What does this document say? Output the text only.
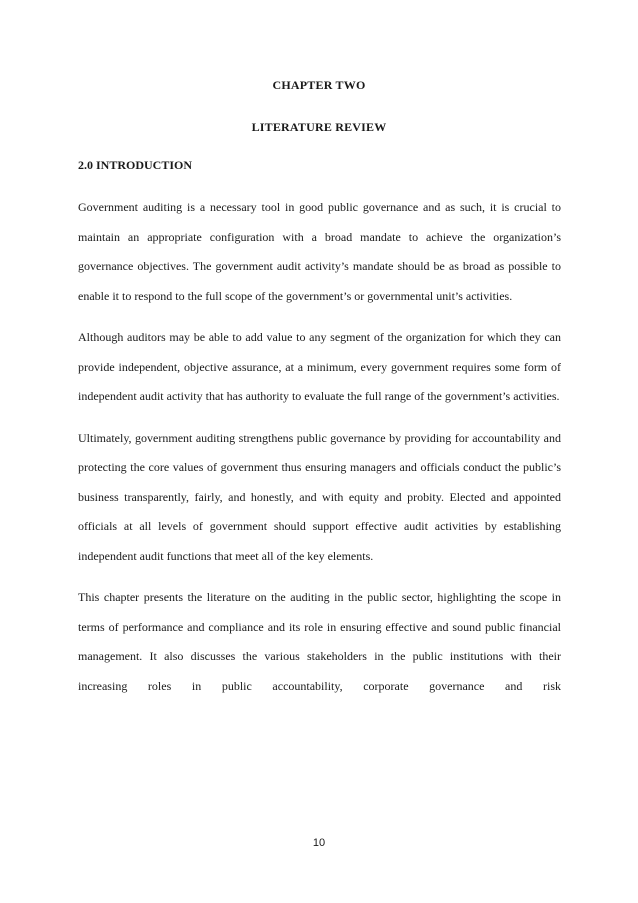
CHAPTER TWO
LITERATURE REVIEW
2.0 INTRODUCTION

Government auditing is a necessary tool in good public governance and as such, it is crucial to maintain an appropriate configuration with a broad mandate to achieve the organization’s governance objectives. The government audit activity’s mandate should be as broad as possible to enable it to respond to the full scope of the government’s or governmental unit’s activities.

Although auditors may be able to add value to any segment of the organization for which they can provide independent, objective assurance, at a minimum, every government requires some form of independent audit activity that has authority to evaluate the full range of the government’s activities.

Ultimately, government auditing strengthens public governance by providing for accountability and protecting the core values of government thus ensuring managers and officials conduct the public’s business transparently, fairly, and honestly, and with equity and probity. Elected and appointed officials at all levels of government should support effective audit activities by establishing independent audit functions that meet all of the key elements.

This chapter presents the literature on the auditing in the public sector, highlighting the scope in terms of performance and compliance and its role in ensuring effective and sound public financial management. It also discusses the various stakeholders in the public institutions with their increasing roles in public accountability, corporate governance and risk

10
